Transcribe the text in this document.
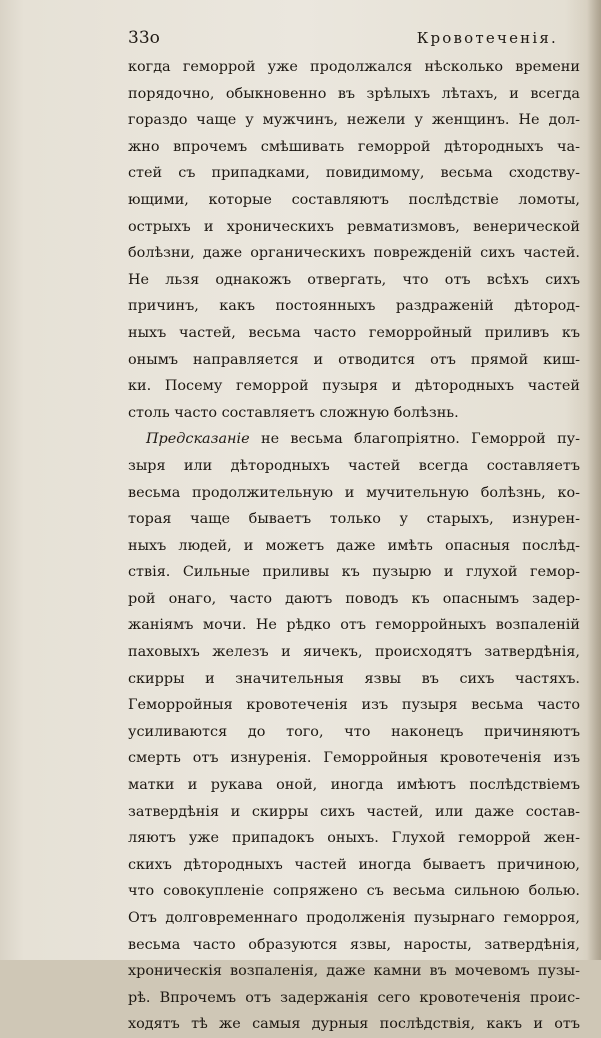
33o	Кровотеченія.
когда геморрой уже продолжался нѣсколько времени
порядочно, обыкновенно въ зрѣлыхъ лѣтахъ, и всегда
гораздо чаще у мужчинъ, нежели у женщинъ. Не дол-
жно впрочемъ смѣшивать геморрой дѣтородныхъ ча-
стей съ припадками, повидимому, весьма сходству-
ющими, которые составляютъ послѣдствіе ломоты,
острыхъ и хроническихъ ревматизмовъ, венерической
болѣзни, даже органическихъ поврежденій сихъ частей.
Не льзя однакожъ отвергать, что отъ всѣхъ сихъ
причинъ, какъ постоянныхъ раздраженій дѣтород-
ныхъ частей, весьма часто геморройный приливъ къ
онымъ направляется и отводится отъ прямой киш-
ки. Посему геморрой пузыря и дѣтородныхъ частей
столь часто составляетъ сложную болѣзнь.
Предсказаніе не весьма благопріятно. Геморрой пу-
зыря или дѣтородныхъ частей всегда составляетъ
весьма продолжительную и мучительную болѣзнь, ко-
торая чаще бываетъ только у старыхъ, изнурен-
ныхъ людей, и можетъ даже имѣть опасныя послѣд-
ствія. Сильные приливы къ пузырю и глухой гемор-
рой онаго, часто даютъ поводъ къ опаснымъ задер-
жаніямъ мочи. Не рѣдко отъ геморройныхъ возпаленій
паховыхъ железъ и яичекъ, происходятъ затвердѣнія,
скирры и значительныя язвы въ сихъ частяхъ.
Геморройныя кровотеченія изъ пузыря весьма часто
усиливаются до того, что наконецъ причиняютъ
смерть отъ изнуренія. Геморройныя кровотеченія изъ
матки и рукава оной, иногда имѣютъ послѣдствіемъ
затвердѣнія и скирры сихъ частей, или даже состав-
ляютъ уже припадокъ оныхъ. Глухой геморрой жен-
скихъ дѣтородныхъ частей иногда бываетъ причиною,
что совокупленіе сопряжено съ весьма сильною болью.
Отъ долговременнаго продолженія пузырнаго геморроя,
весьма часто образуются язвы, наросты, затвердѣнія,
хроническія возпаленія, даже камни въ мочевомъ пузы-
рѣ. Впрочемъ отъ задержанія сего кровотеченія проис-
ходятъ тѣ же самыя дурныя послѣдствія, какъ и отъ
